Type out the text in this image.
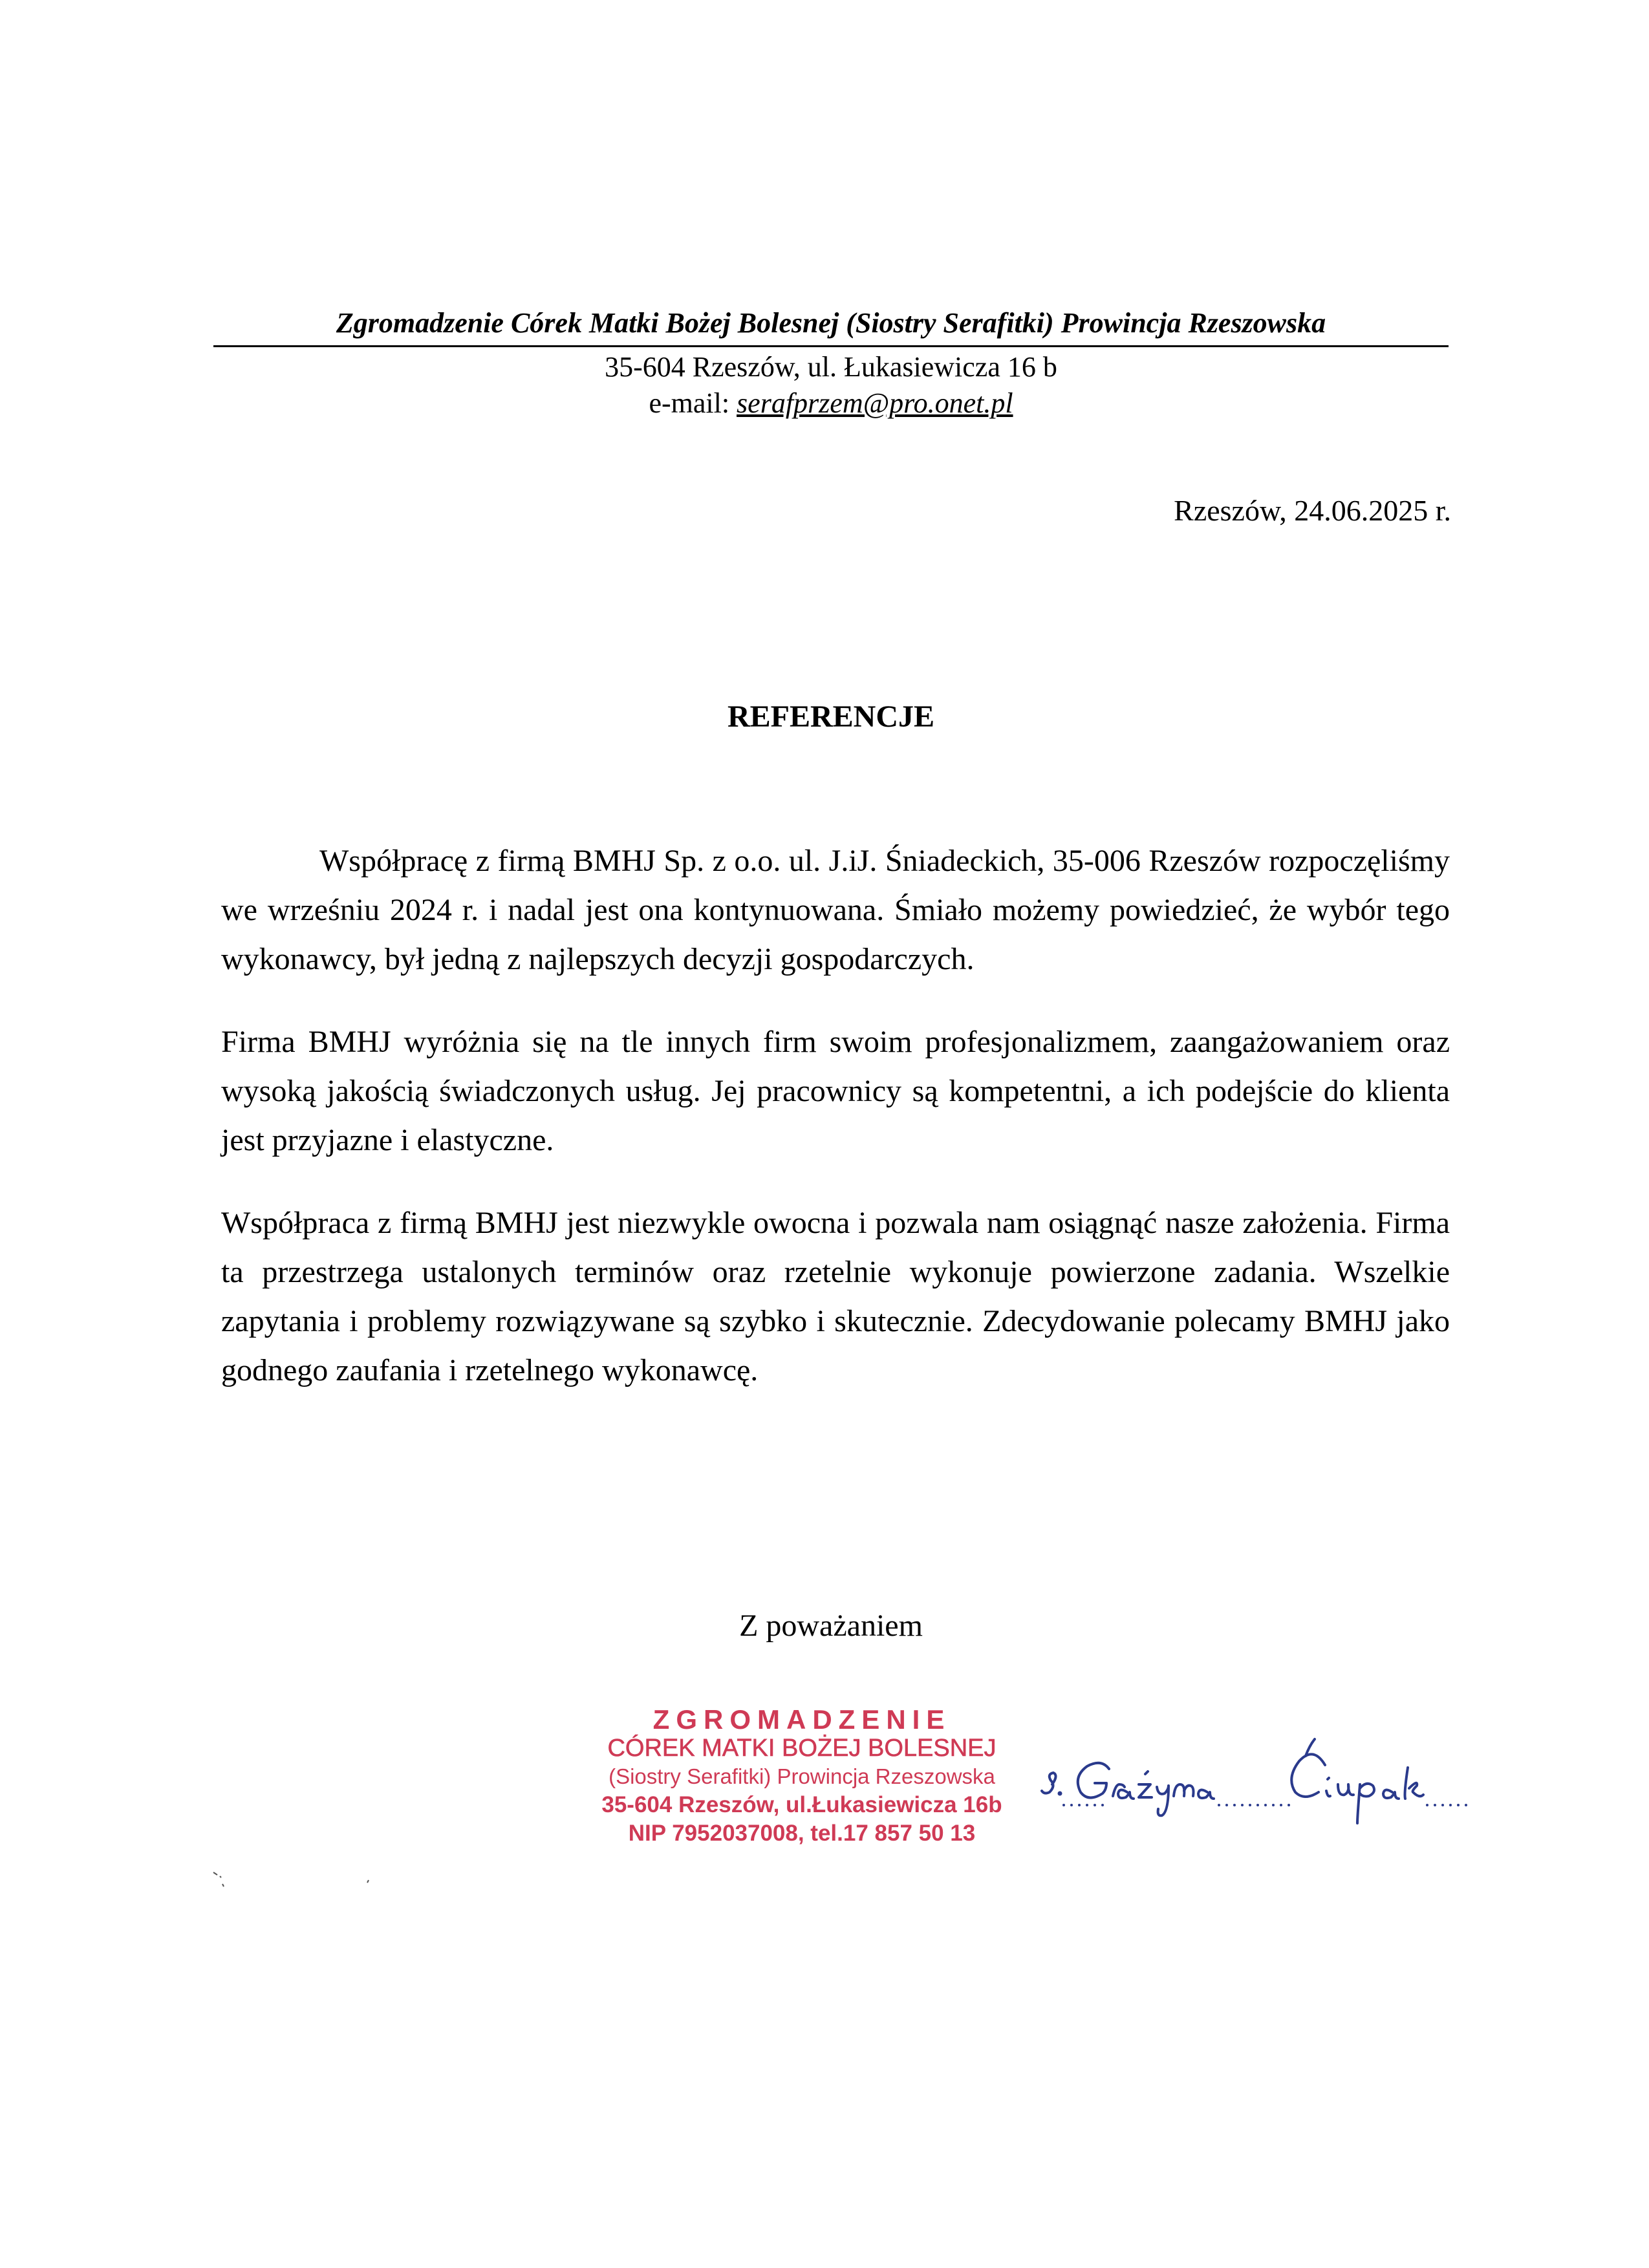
Zgromadzenie Córek Matki Bożej Bolesnej (Siostry Serafitki) Prowincja Rzeszowska
35-604 Rzeszów, ul. Łukasiewicza 16 b
e-mail: serafprzem@pro.onet.pl
Rzeszów, 24.06.2025 r.
REFERENCJE

Współpracę z firmą BMHJ Sp. z o.o. ul. J.iJ. Śniadeckich, 35-006 Rzeszów rozpoczęliśmy we wrześniu 2024 r. i nadal jest ona kontynuowana. Śmiało możemy powiedzieć, że wybór tego wykonawcy, był jedną z najlepszych decyzji gospodarczych.

Firma BMHJ wyróżnia się na tle innych firm swoim profesjonalizmem, zaangażowaniem oraz wysoką jakością świadczonych usług. Jej pracownicy są kompetentni, a ich podejście do klienta jest przyjazne i elastyczne.

Współpraca z firmą BMHJ jest niezwykle owocna i pozwala nam osiągnąć nasze założenia. Firma ta przestrzega ustalonych terminów oraz rzetelnie wykonuje powierzone zadania. Wszelkie zapytania i problemy rozwiązywane są szybko i skutecznie. Zdecydowanie polecamy BMHJ jako godnego zaufania i rzetelnego wykonawcę.

Z poważaniem
ZGROMADZENIE
CÓREK MATKI BOŻEJ BOLESNEJ
(Siostry Serafitki) Prowincja Rzeszowska
35-604 Rzeszów, ul.Łukasiewicza 16b
NIP 7952037008, tel.17 857 50 13
